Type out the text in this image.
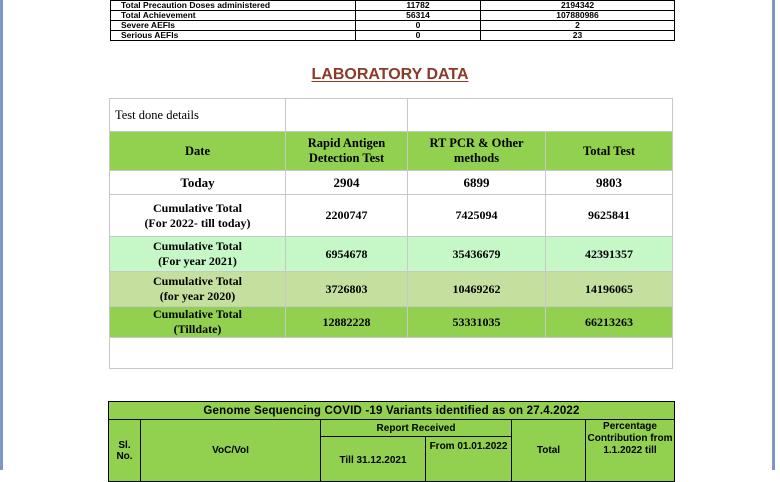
Total Precaution Doses administered	11782	2194342
Total Achievement	56314	107880986
Severe AEFIs	0	2
Serious AEFIs	0	23
LABORATORY DATA
Test done details			
Date	Rapid Antigen Detection Test	RT PCR & Other methods	Total Test
Today	2904	6899	9803
Cumulative Total
(For 2022- till today)	2200747	7425094	9625841
Cumulative Total
(For year 2021)	6954678	35436679	42391357
Cumulative Total
(for year 2020)	3726803	10469262	14196065
Cumulative Total
(Tilldate)	12882228	53331035	66213263

Genome Sequencing COVID -19 Variants identified as on 27.4.2022					
Sl. No.	VoC/VoI	Report Received		Total	Percentage Contribution from 1.1.2022 till

		Till 31.12.2021	From 01.01.2022		
